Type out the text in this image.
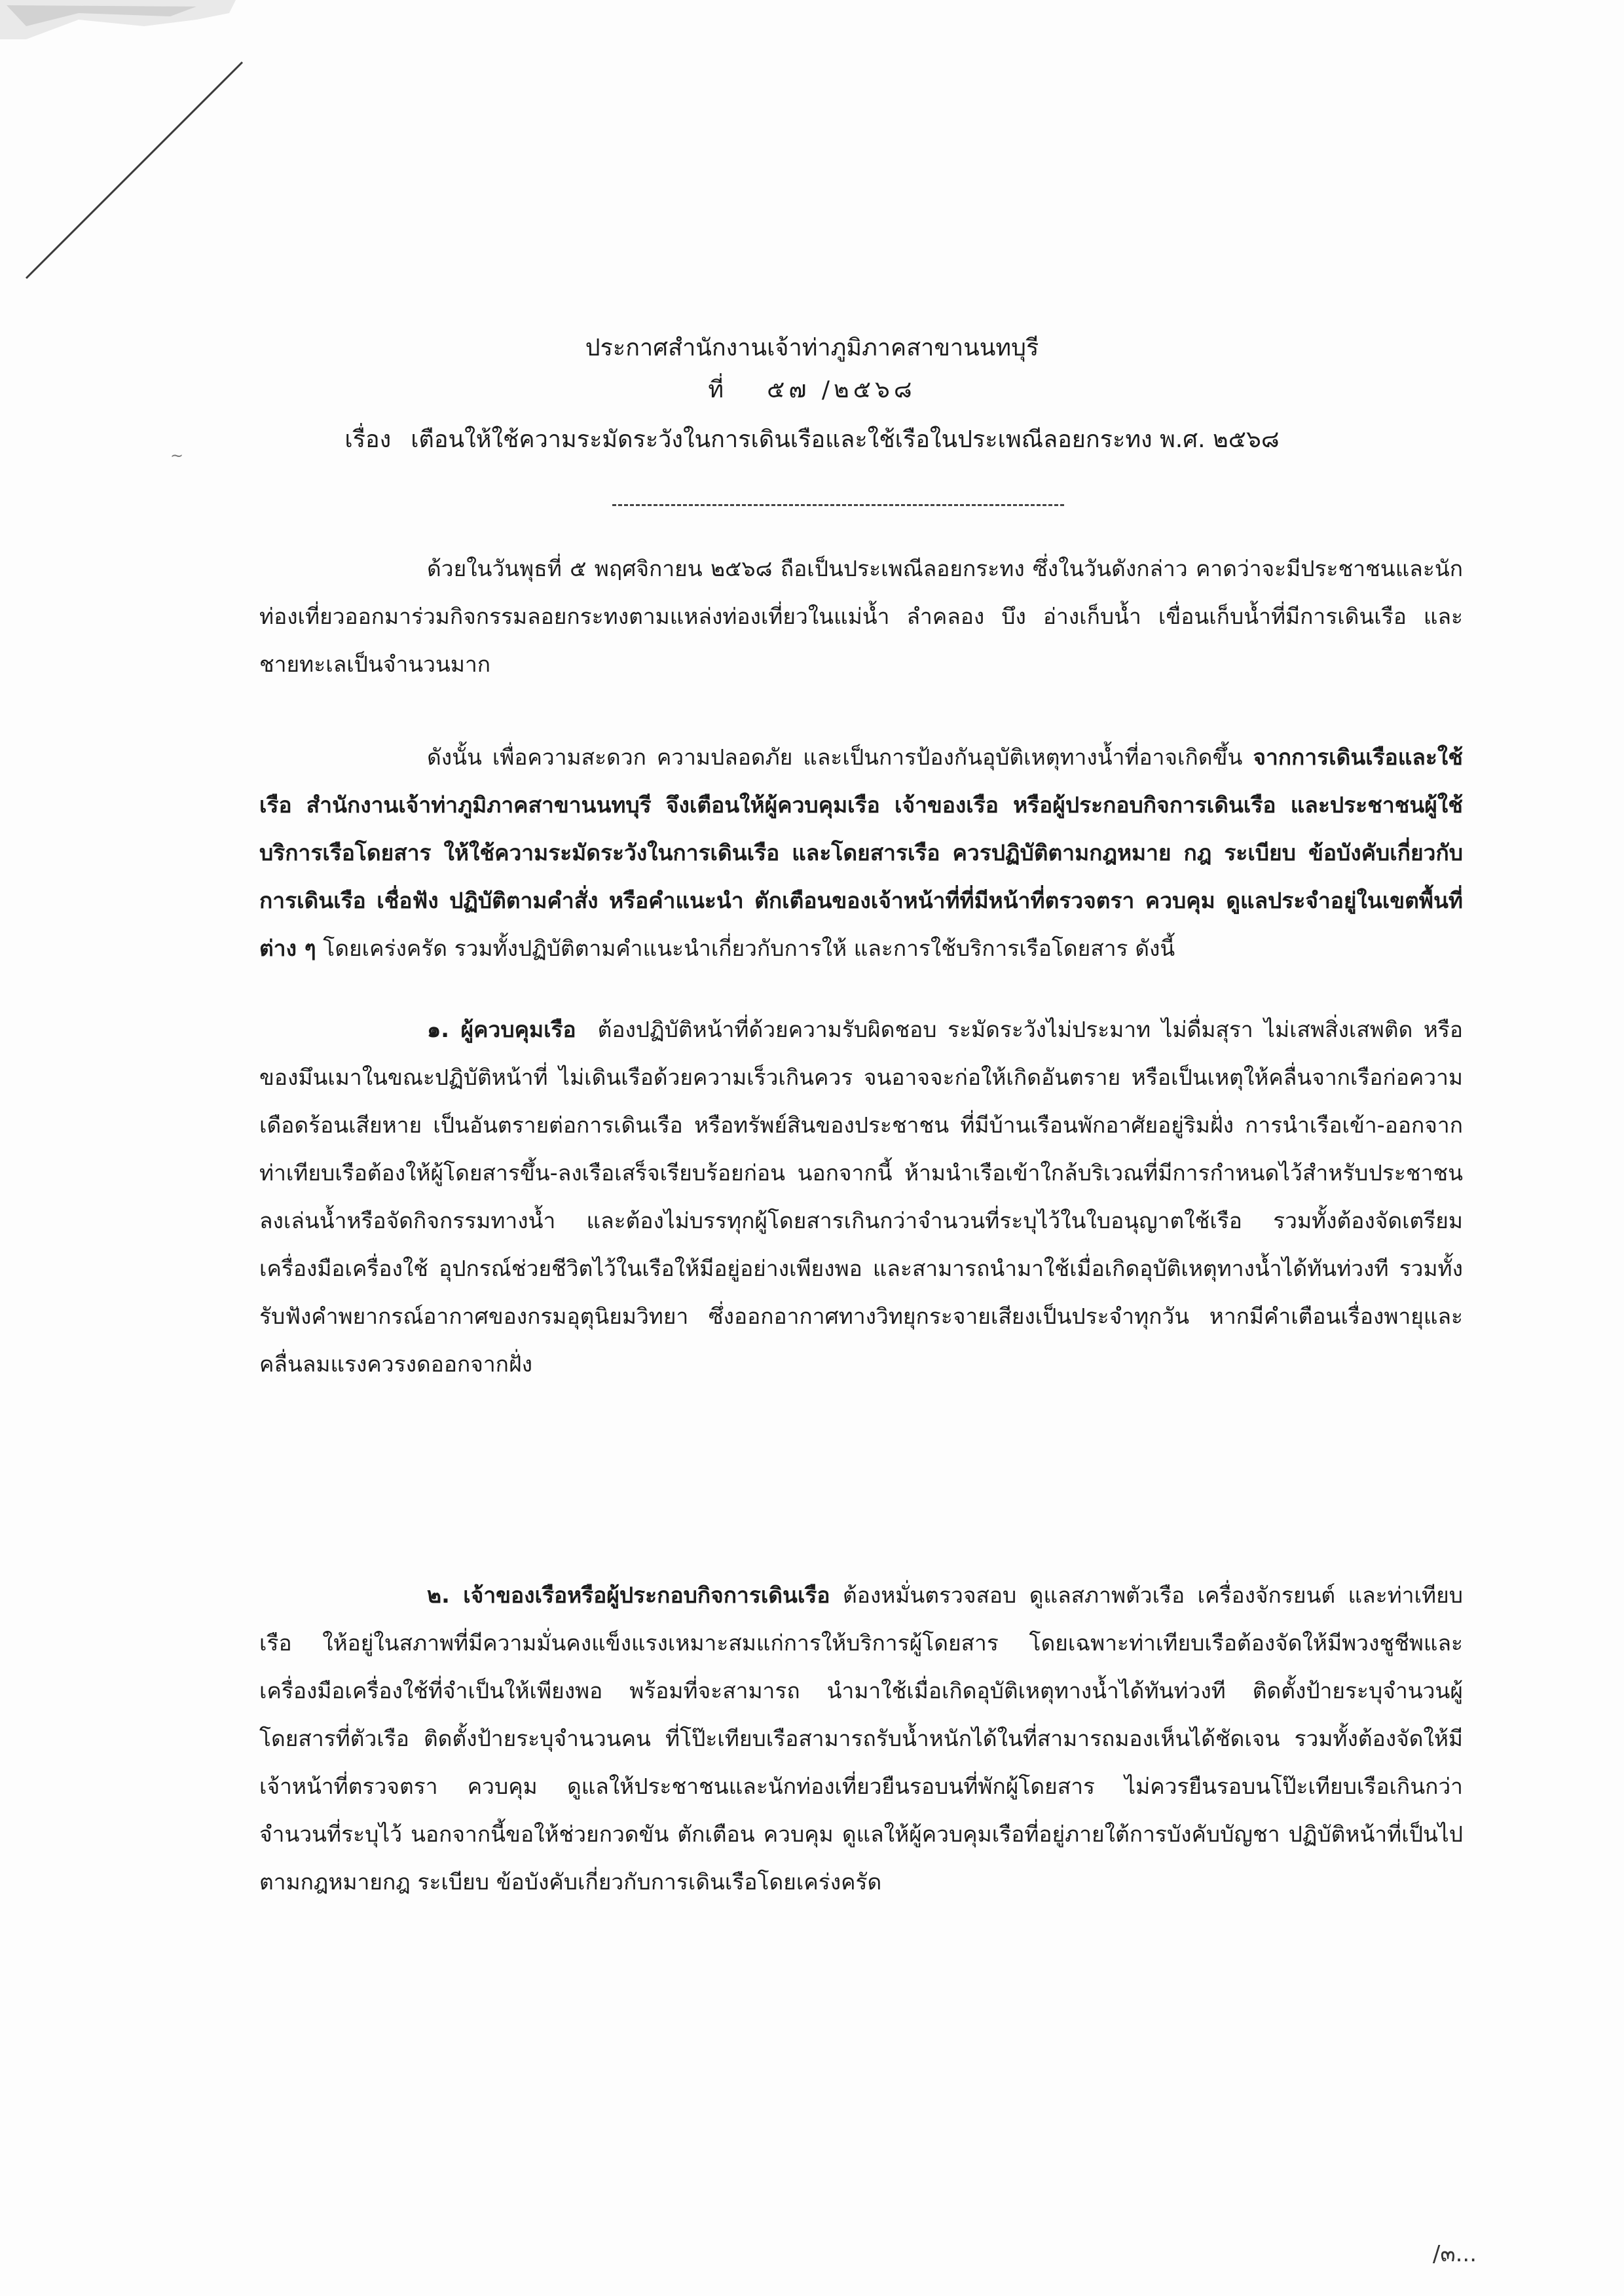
~
ประกาศสำนักงานเจ้าท่าภูมิภาคสาขานนทบุรี
ที่ ๕๗ /๒๕๖๘
เรื่อง เตือนให้ใช้ความระมัดระวังในการเดินเรือและใช้เรือในประเพณีลอยกระทง พ.ศ. ๒๕๖๘
ด้วยในวันพุธที่ ๕ พฤศจิกายน ๒๕๖๘ ถือเป็นประเพณีลอยกระทง ซึ่งในวันดังกล่าว คาดว่าจะมีประชาชนและนักท่องเที่ยวออกมาร่วมกิจกรรมลอยกระทงตามแหล่งท่องเที่ยวในแม่น้ำ ลำคลอง บึง อ่างเก็บน้ำ เขื่อนเก็บน้ำที่มีการเดินเรือ และชายทะเลเป็นจำนวนมาก
ดังนั้น เพื่อความสะดวก ความปลอดภัย และเป็นการป้องกันอุบัติเหตุทางน้ำที่อาจเกิดขึ้น จากการเดินเรือและใช้เรือ สำนักงานเจ้าท่าภูมิภาคสาขานนทบุรี จึงเตือนให้ผู้ควบคุมเรือ เจ้าของเรือ หรือผู้ประกอบกิจการเดินเรือ และประชาชนผู้ใช้บริการเรือโดยสาร ให้ใช้ความระมัดระวังในการเดินเรือ และโดยสารเรือ ควรปฏิบัติตามกฎหมาย กฎ ระเบียบ ข้อบังคับเกี่ยวกับการเดินเรือ เชื่อฟัง ปฏิบัติตามคำสั่ง หรือคำแนะนำ ตักเตือนของเจ้าหน้าที่ที่มีหน้าที่ตรวจตรา ควบคุม ดูแลประจำอยู่ในเขตพื้นที่ต่าง ๆ โดยเคร่งครัด รวมทั้งปฏิบัติตามคำแนะนำเกี่ยวกับการให้ และการใช้บริการเรือโดยสาร ดังนี้
๑. ผู้ควบคุมเรือ ต้องปฏิบัติหน้าที่ด้วยความรับผิดชอบ ระมัดระวังไม่ประมาท ไม่ดื่มสุรา ไม่เสพสิ่งเสพติด หรือของมึนเมาในขณะปฏิบัติหน้าที่ ไม่เดินเรือด้วยความเร็วเกินควร จนอาจจะก่อให้เกิดอันตราย หรือเป็นเหตุให้คลื่นจากเรือก่อความเดือดร้อนเสียหาย เป็นอันตรายต่อการเดินเรือ หรือทรัพย์สินของประชาชน ที่มีบ้านเรือนพักอาศัยอยู่ริมฝั่ง การนำเรือเข้า-ออกจากท่าเทียบเรือต้องให้ผู้โดยสารขึ้น-ลงเรือเสร็จเรียบร้อยก่อน นอกจากนี้ ห้ามนำเรือเข้าใกล้บริเวณที่มีการกำหนดไว้สำหรับประชาชนลงเล่นน้ำหรือจัดกิจกรรมทางน้ำ และต้องไม่บรรทุกผู้โดยสารเกินกว่าจำนวนที่ระบุไว้ในใบอนุญาตใช้เรือ รวมทั้งต้องจัดเตรียมเครื่องมือเครื่องใช้ อุปกรณ์ช่วยชีวิตไว้ในเรือให้มีอยู่อย่างเพียงพอ และสามารถนำมาใช้เมื่อเกิดอุบัติเหตุทางน้ำได้ทันท่วงที รวมทั้ง รับฟังคำพยากรณ์อากาศของกรมอุตุนิยมวิทยา ซึ่งออกอากาศทางวิทยุกระจายเสียงเป็นประจำทุกวัน หากมีคำเตือนเรื่องพายุและคลื่นลมแรงควรงดออกจากฝั่ง
๒. เจ้าของเรือหรือผู้ประกอบกิจการเดินเรือ ต้องหมั่นตรวจสอบ ดูแลสภาพตัวเรือ เครื่องจักรยนต์ และท่าเทียบเรือ ให้อยู่ในสภาพที่มีความมั่นคงแข็งแรงเหมาะสมแก่การให้บริการผู้โดยสาร โดยเฉพาะท่าเทียบเรือต้องจัดให้มีพวงชูชีพและเครื่องมือเครื่องใช้ที่จำเป็นให้เพียงพอ พร้อมที่จะสามารถ นำมาใช้เมื่อเกิดอุบัติเหตุทางน้ำได้ทันท่วงที ติดตั้งป้ายระบุจำนวนผู้โดยสารที่ตัวเรือ ติดตั้งป้ายระบุจำนวนคน ที่โป๊ะเทียบเรือสามารถรับน้ำหนักได้ในที่สามารถมองเห็นได้ชัดเจน รวมทั้งต้องจัดให้มีเจ้าหน้าที่ตรวจตรา ควบคุม ดูแลให้ประชาชนและนักท่องเที่ยวยืนรอบนที่พักผู้โดยสาร ไม่ควรยืนรอบนโป๊ะเทียบเรือเกินกว่า จำนวนที่ระบุไว้ นอกจากนี้ขอให้ช่วยกวดขัน ตักเตือน ควบคุม ดูแลให้ผู้ควบคุมเรือที่อยู่ภายใต้การบังคับบัญชา ปฏิบัติหน้าที่เป็นไปตามกฎหมายกฎ ระเบียบ ข้อบังคับเกี่ยวกับการเดินเรือโดยเคร่งครัด
/๓...
